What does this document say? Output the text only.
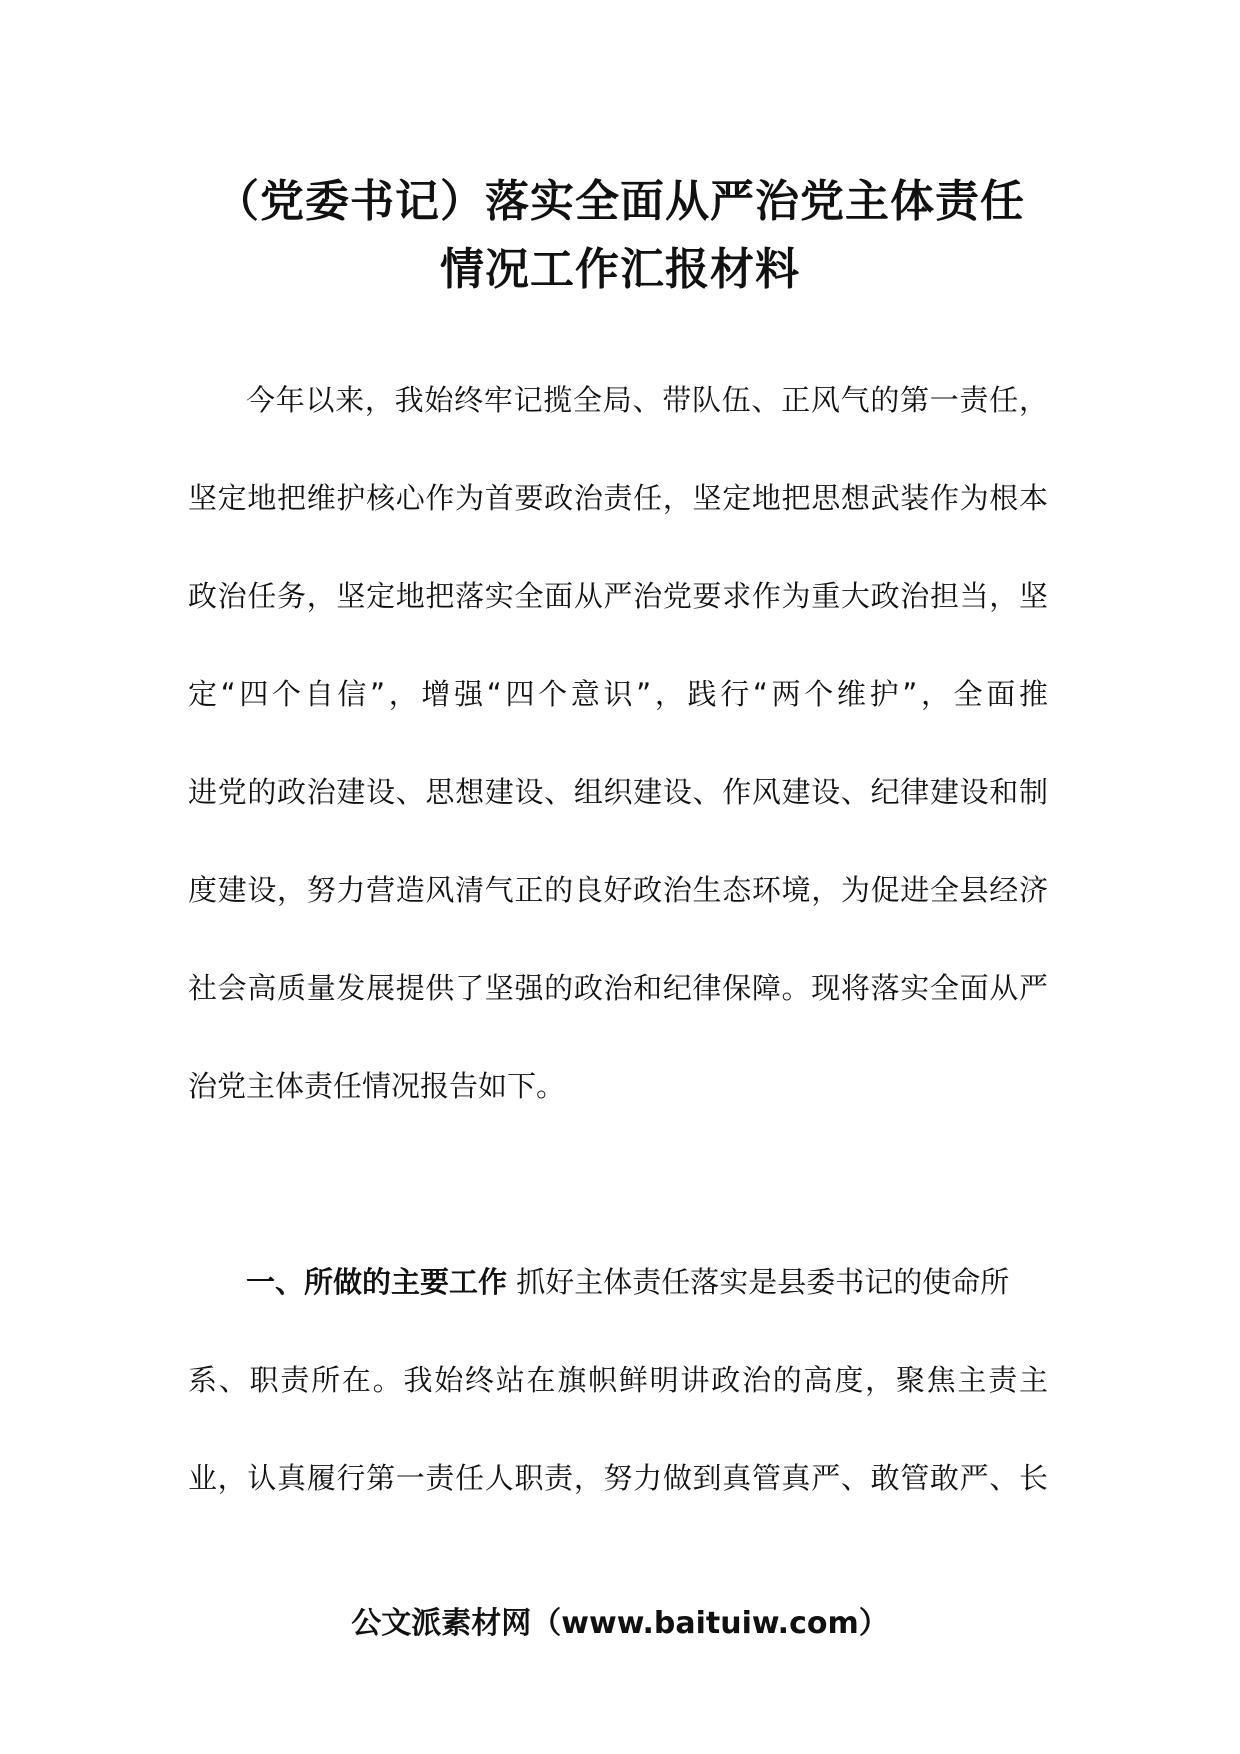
（党委书记）落实全面从严治党主体责任
情况工作汇报材料
今年以来，我始终牢记揽全局、带队伍、正风气的第一责任，
坚定地把维护核心作为首要政治责任，坚定地把思想武装作为根本
政治任务，坚定地把落实全面从严治党要求作为重大政治担当，坚
定“四个自信”，增强“四个意识”，践行“两个维护”，全面推
进党的政治建设、思想建设、组织建设、作风建设、纪律建设和制
度建设，努力营造风清气正的良好政治生态环境，为促进全县经济
社会高质量发展提供了坚强的政治和纪律保障。现将落实全面从严
治党主体责任情况报告如下。
一、所做的主要工作 抓好主体责任落实是县委书记的使命所
系、职责所在。我始终站在旗帜鲜明讲政治的高度，聚焦主责主
业，认真履行第一责任人职责，努力做到真管真严、敢管敢严、长
公文派素材网（www.baituiw.com）
